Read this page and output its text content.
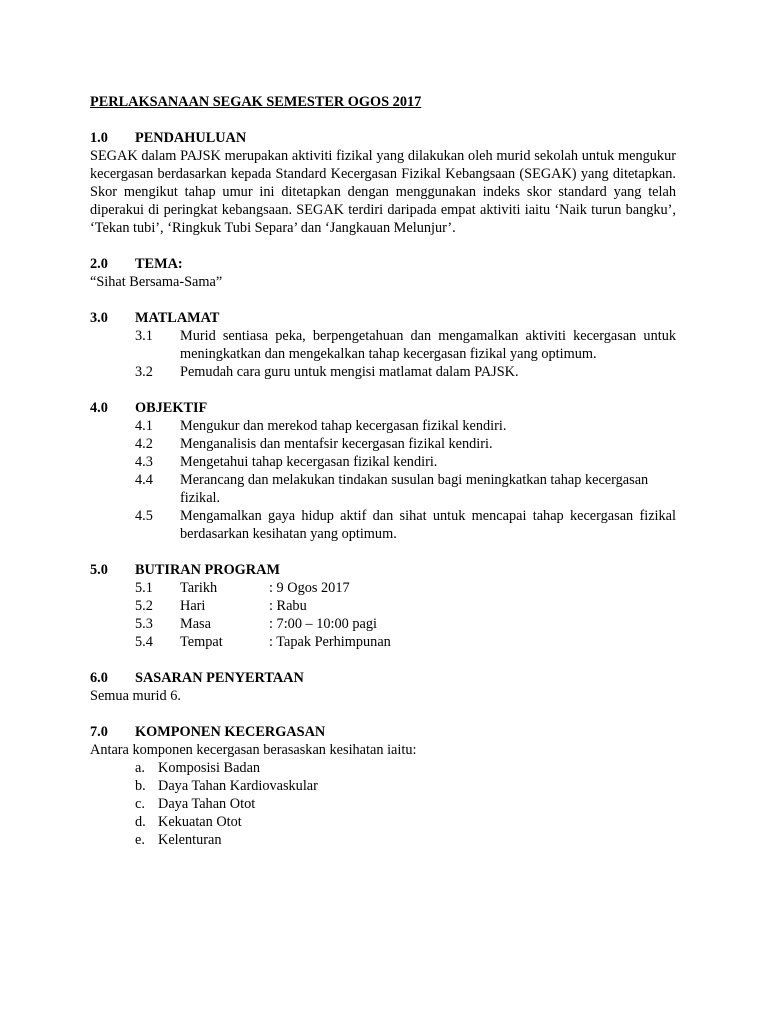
PERLAKSANAAN SEGAK SEMESTER OGOS 2017

1.0	PENDAHULUAN

SEGAK dalam PAJSK merupakan aktiviti fizikal yang dilakukan oleh murid sekolah untuk mengukur kecergasan berdasarkan kepada Standard Kecergasan Fizikal Kebangsaan (SEGAK) yang ditetapkan. Skor mengikut tahap umur ini ditetapkan dengan menggunakan indeks skor standard yang telah diperakui di peringkat kebangsaan. SEGAK terdiri daripada empat aktiviti iaitu ‘Naik turun bangku’, ‘Tekan tubi’, ‘Ringkuk Tubi Separa’ dan ‘Jangkauan Melunjur’.

2.0	TEMA:

“Sihat Bersama-Sama”

3.0	MATLAMAT
3.1	Murid sentiasa peka, berpengetahuan dan mengamalkan aktiviti kecergasan untuk meningkatkan dan mengekalkan tahap kecergasan fizikal yang optimum.
3.2	Pemudah cara guru untuk mengisi matlamat dalam PAJSK.
4.0	OBJEKTIF
4.1	Mengukur dan merekod tahap kecergasan fizikal kendiri.
4.2	Menganalisis dan mentafsir kecergasan fizikal kendiri.
4.3	Mengetahui tahap kecergasan fizikal kendiri.
4.4	Merancang dan melakukan tindakan susulan bagi meningkatkan tahap kecergasan fizikal.
4.5	Mengamalkan gaya hidup aktif dan sihat untuk mencapai tahap kecergasan fizikal berdasarkan kesihatan yang optimum.
5.0	BUTIRAN PROGRAM
5.1	Tarikh	: 9 Ogos 2017
5.2	Hari	: Rabu
5.3	Masa	: 7:00 – 10:00 pagi
5.4	Tempat	: Tapak Perhimpunan
6.0	SASARAN PENYERTAAN

Semua murid 6.

7.0	KOMPONEN KECERGASAN

Antara komponen kecergasan berasaskan kesihatan iaitu:

a. Komposisi Badan
b. Daya Tahan Kardiovaskular
c. Daya Tahan Otot
d. Kekuatan Otot
e. Kelenturan
